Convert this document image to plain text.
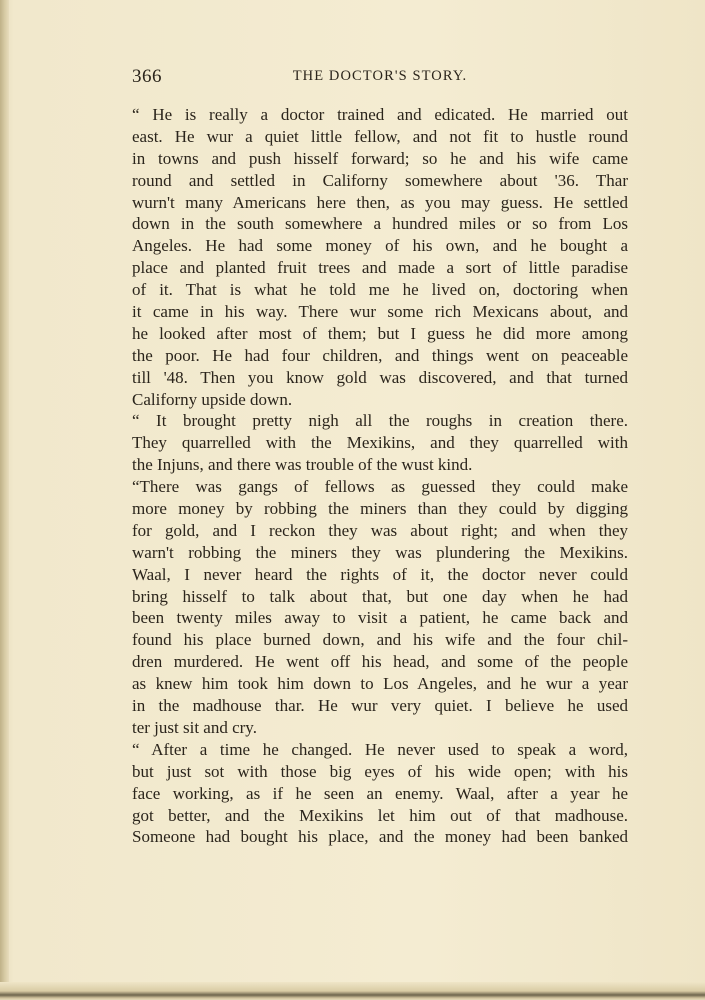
366	THE DOCTOR'S STORY.
“ He is really a doctor trained and edicated. He married out
east. He wur a quiet little fellow, and not fit to hustle round
in towns and push hisself forward; so he and his wife came
round and settled in Californy somewhere about '36. Thar
wurn't many Americans here then, as you may guess. He settled
down in the south somewhere a hundred miles or so from Los
Angeles. He had some money of his own, and he bought a
place and planted fruit trees and made a sort of little paradise
of it. That is what he told me he lived on, doctoring when
it came in his way. There wur some rich Mexicans about, and
he looked after most of them; but I guess he did more among
the poor. He had four children, and things went on peaceable
till '48. Then you know gold was discovered, and that turned
Californy upside down.
“ It brought pretty nigh all the roughs in creation there.
They quarrelled with the Mexikins, and they quarrelled with
the Injuns, and there was trouble of the wust kind.
“There was gangs of fellows as guessed they could make
more money by robbing the miners than they could by digging
for gold, and I reckon they was about right; and when they
warn't robbing the miners they was plundering the Mexikins.
Waal, I never heard the rights of it, the doctor never could
bring hisself to talk about that, but one day when he had
been twenty miles away to visit a patient, he came back and
found his place burned down, and his wife and the four chil-
dren murdered. He went off his head, and some of the people
as knew him took him down to Los Angeles, and he wur a year
in the madhouse thar. He wur very quiet. I believe he used
ter just sit and cry.
“ After a time he changed. He never used to speak a word,
but just sot with those big eyes of his wide open; with his
face working, as if he seen an enemy. Waal, after a year he
got better, and the Mexikins let him out of that madhouse.
Someone had bought his place, and the money had been banked
